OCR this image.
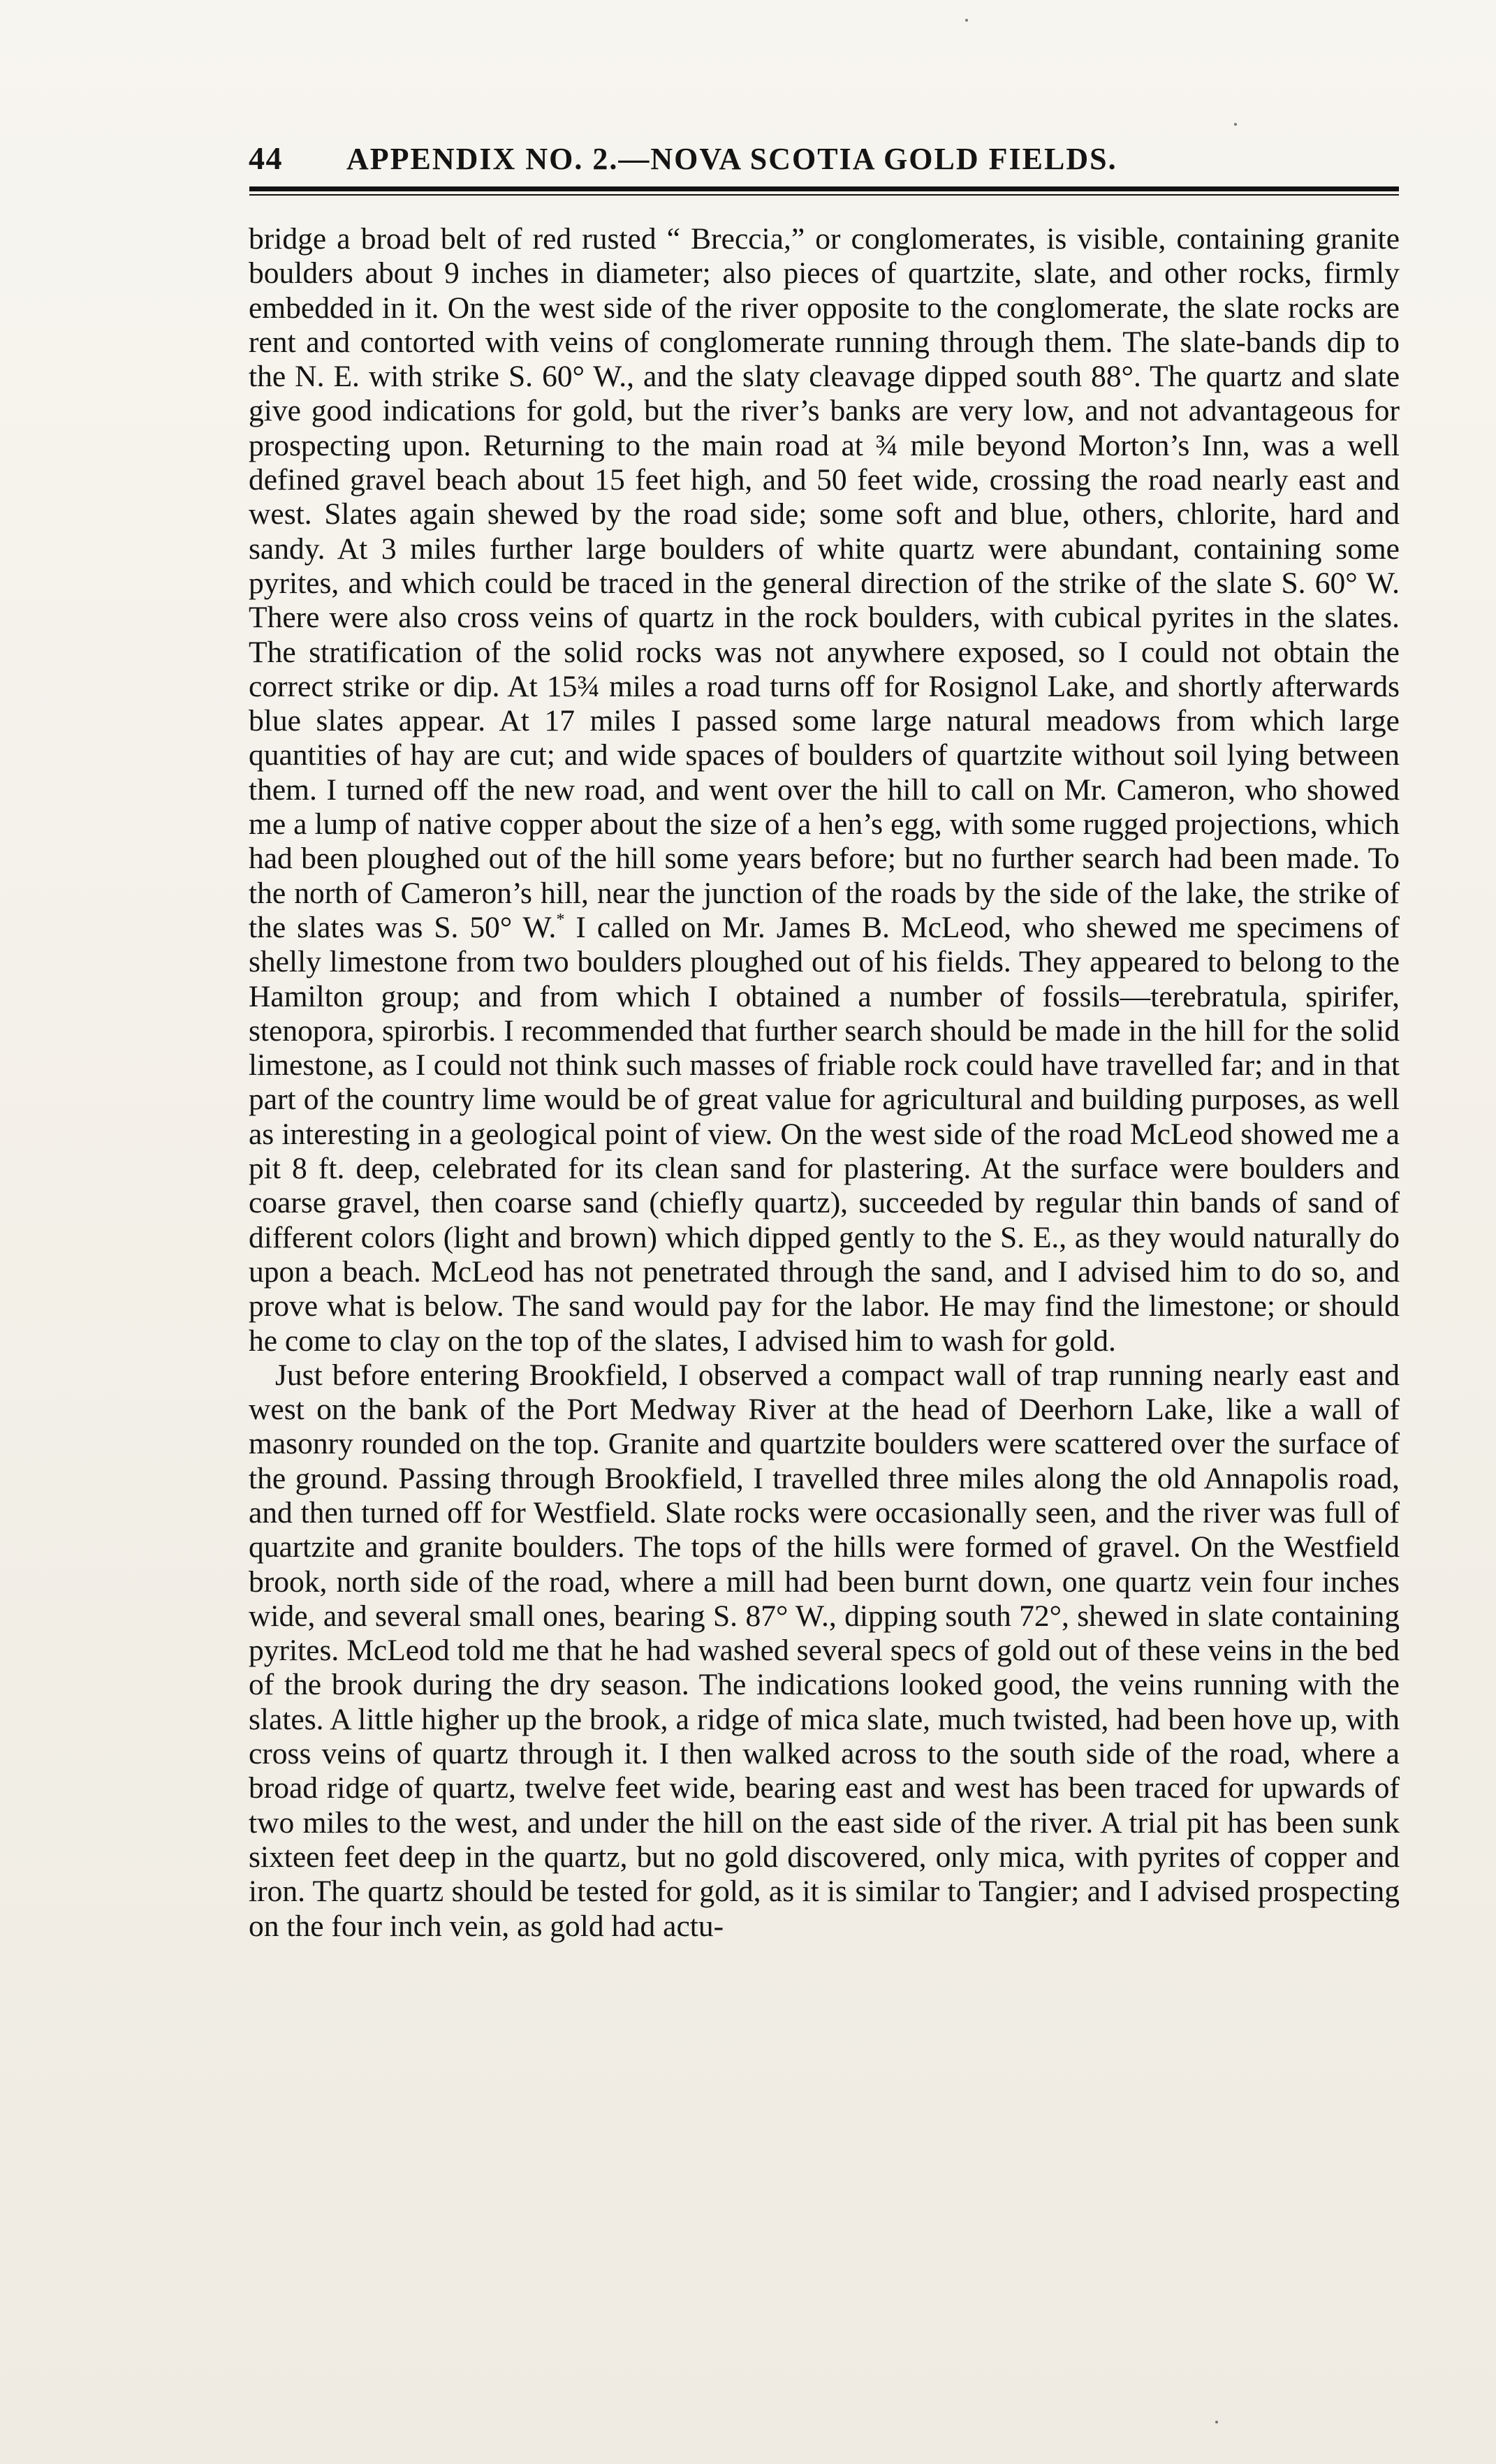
44 APPENDIX NO. 2.—NOVA SCOTIA GOLD FIELDS.

bridge a broad belt of red rusted “ Breccia,” or conglomerates, is visible, containing granite boulders about 9 inches in diameter; also pieces of quartzite, slate, and other rocks, firmly embedded in it. On the west side of the river opposite to the conglomerate, the slate rocks are rent and contorted with veins of conglomerate running through them. The slate-bands dip to the N. E. with strike S. 60° W., and the slaty cleavage dipped south 88°. The quartz and slate give good indications for gold, but the river’s banks are very low, and not advantageous for prospecting upon. Returning to the main road at ¾ mile beyond Morton’s Inn, was a well defined gravel beach about 15 feet high, and 50 feet wide, crossing the road nearly east and west. Slates again shewed by the road side; some soft and blue, others, chlorite, hard and sandy. At 3 miles further large boulders of white quartz were abundant, containing some pyrites, and which could be traced in the general direction of the strike of the slate S. 60° W. There were also cross veins of quartz in the rock boulders, with cubical pyrites in the slates. The stratification of the solid rocks was not anywhere exposed, so I could not obtain the correct strike or dip. At 15¾ miles a road turns off for Rosignol Lake, and shortly afterwards blue slates appear. At 17 miles I passed some large natural meadows from which large quantities of hay are cut; and wide spaces of boulders of quartzite without soil lying between them. I turned off the new road, and went over the hill to call on Mr. Cameron, who showed me a lump of native copper about the size of a hen’s egg, with some rugged projections, which had been ploughed out of the hill some years before; but no further search had been made. To the north of Cameron’s hill, near the junction of the roads by the side of the lake, the strike of the slates was S. 50° W.* I called on Mr. James B. McLeod, who shewed me specimens of shelly limestone from two boulders ploughed out of his fields. They appeared to belong to the Hamilton group; and from which I obtained a number of fossils—terebratula, spirifer, stenopora, spirorbis. I recommended that further search should be made in the hill for the solid limestone, as I could not think such masses of friable rock could have travelled far; and in that part of the country lime would be of great value for agricultural and building purposes, as well as interesting in a geological point of view. On the west side of the road McLeod showed me a pit 8 ft. deep, celebrated for its clean sand for plastering. At the surface were boulders and coarse gravel, then coarse sand (chiefly quartz), succeeded by regular thin bands of sand of different colors (light and brown) which dipped gently to the S. E., as they would naturally do upon a beach. McLeod has not penetrated through the sand, and I advised him to do so, and prove what is below. The sand would pay for the labor. He may find the limestone; or should he come to clay on the top of the slates, I advised him to wash for gold.

Just before entering Brookfield, I observed a compact wall of trap running nearly east and west on the bank of the Port Medway River at the head of Deerhorn Lake, like a wall of masonry rounded on the top. Granite and quartzite boulders were scattered over the surface of the ground. Passing through Brookfield, I travelled three miles along the old Annapolis road, and then turned off for Westfield. Slate rocks were occasionally seen, and the river was full of quartzite and granite boulders. The tops of the hills were formed of gravel. On the Westfield brook, north side of the road, where a mill had been burnt down, one quartz vein four inches wide, and several small ones, bearing S. 87° W., dipping south 72°, shewed in slate containing pyrites. McLeod told me that he had washed several specs of gold out of these veins in the bed of the brook during the dry season. The indications looked good, the veins running with the slates. A little higher up the brook, a ridge of mica slate, much twisted, had been hove up, with cross veins of quartz through it. I then walked across to the south side of the road, where a broad ridge of quartz, twelve feet wide, bearing east and west has been traced for upwards of two miles to the west, and under the hill on the east side of the river. A trial pit has been sunk sixteen feet deep in the quartz, but no gold discovered, only mica, with pyrites of copper and iron. The quartz should be tested for gold, as it is similar to Tangier; and I advised prospecting on the four inch vein, as gold had actu-
